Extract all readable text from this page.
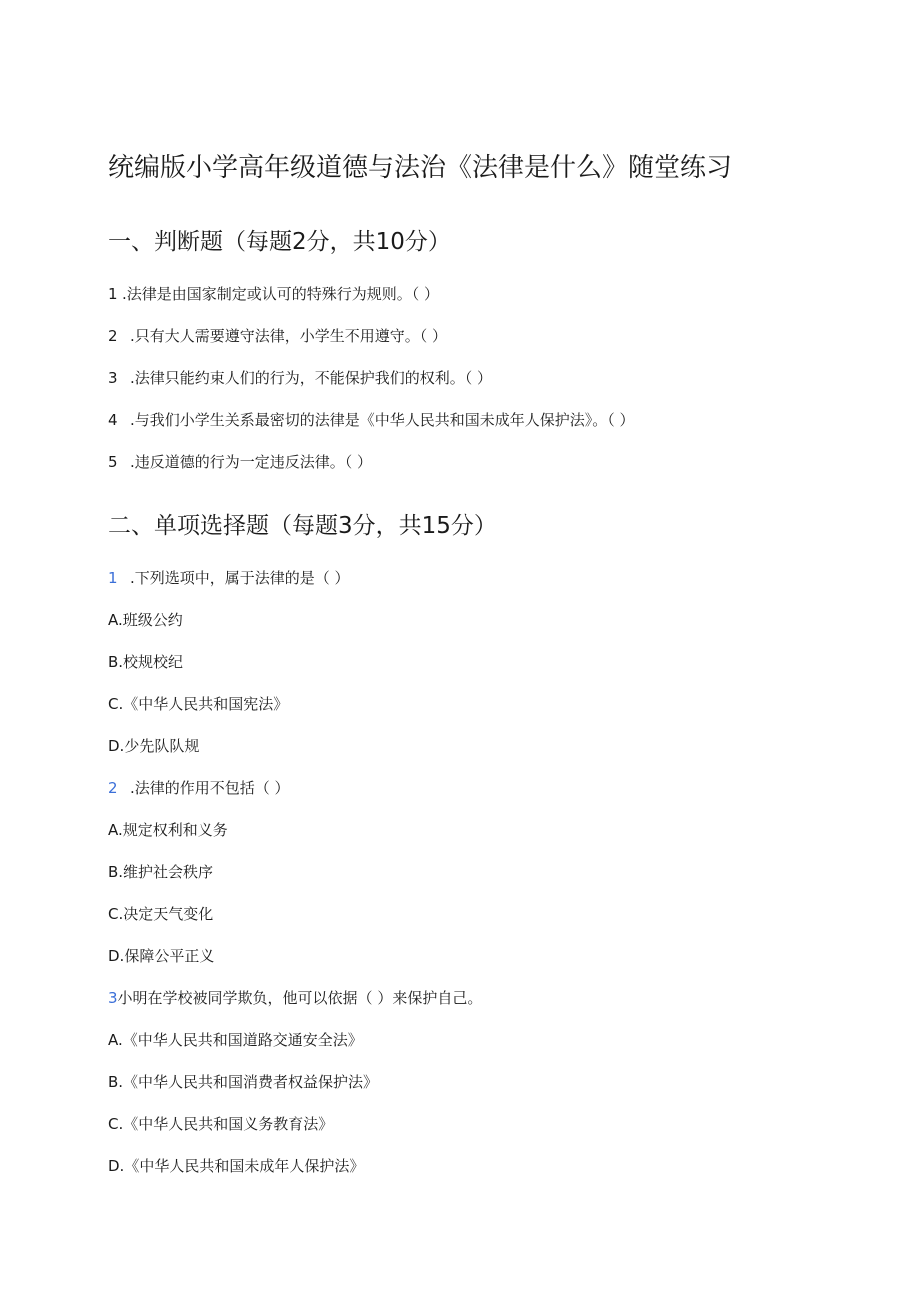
统编版小学高年级道德与法治《法律是什么》随堂练习
一、判断题（每题2分，共10分）
1 .法律是由国家制定或认可的特殊行为规则。（ ）
2 .只有大人需要遵守法律，小学生不用遵守。（ ）
3 .法律只能约束人们的行为，不能保护我们的权利。（ ）
4 .与我们小学生关系最密切的法律是《中华人民共和国未成年人保护法》。（ ）
5 .违反道德的行为一定违反法律。（ ）
二、单项选择题（每题3分，共15分）
1 .下列选项中，属于法律的是（ ）
A.班级公约
B.校规校纪
C.《中华人民共和国宪法》
D.少先队队规
2 .法律的作用不包括（ ）
A.规定权利和义务
B.维护社会秩序
C.决定天气变化
D.保障公平正义
3小明在学校被同学欺负，他可以依据（ ）来保护自己。
A.《中华人民共和国道路交通安全法》
B.《中华人民共和国消费者权益保护法》
C.《中华人民共和国义务教育法》
D.《中华人民共和国未成年人保护法》
